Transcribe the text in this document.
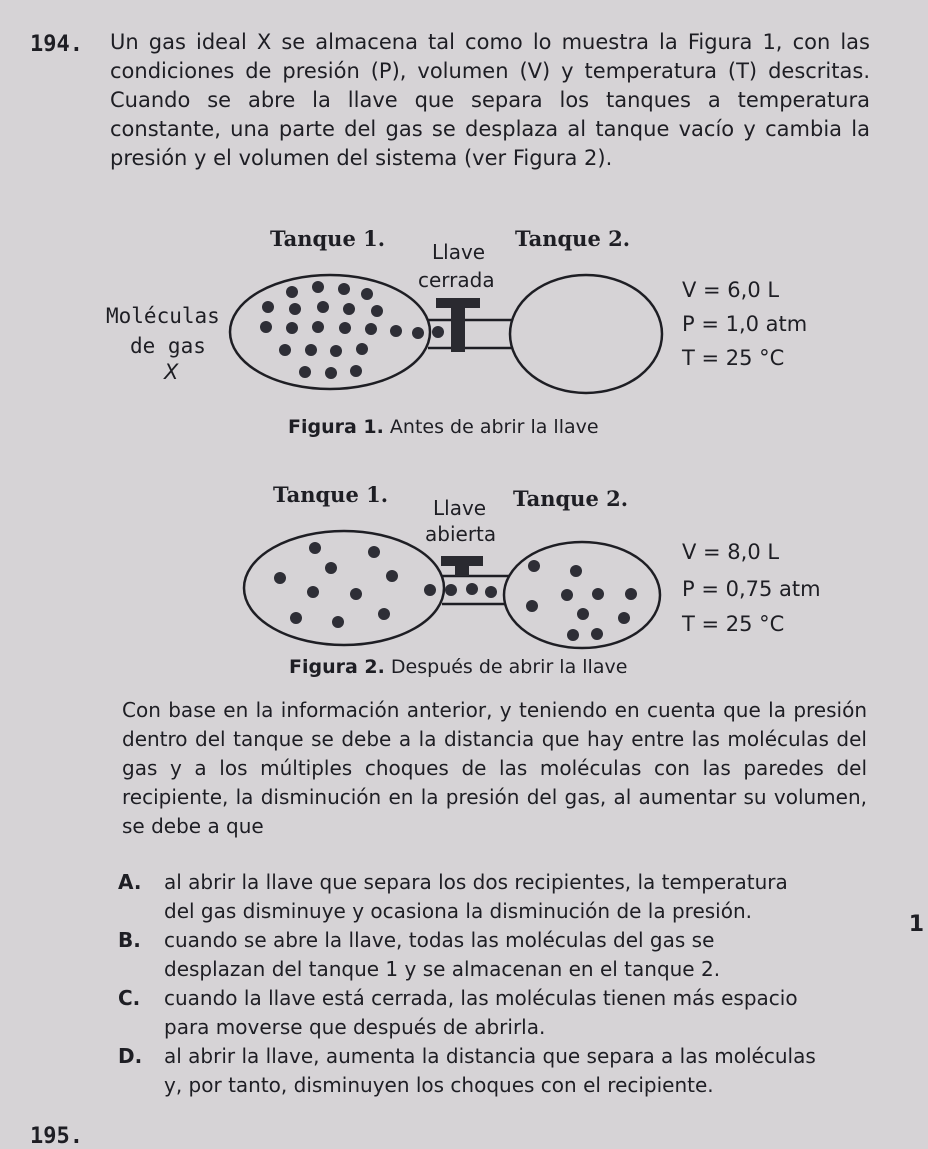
194. Un gas ideal X se almacena tal como lo muestra la Figura 1, con las condiciones de presión (P), volumen (V) y temperatura (T) descritas. Cuando se abre la llave que separa los tanques a temperatura constante, una parte del gas se desplaza al tanque vacío y cambia la presión y el volumen del sistema (ver Figura 2).
Tanque 1.	Tanque 2.
Llave
cerrada
Moléculas
de gas
X
V = 6,0 L
P = 1,0 atm
T = 25 °C
Figura 1. Antes de abrir la llave
Tanque 1.	Tanque 2.
Llave
abierta
V = 8,0 L
P = 0,75 atm
T = 25 °C
Figura 2. Después de abrir la llave
Con base en la información anterior, y teniendo en cuenta que la presión dentro del tanque se debe a la distancia que hay entre las moléculas del gas y a los múltiples choques de las moléculas con las paredes del recipiente, la disminución en la presión del gas, al aumentar su volumen, se debe a que
A. al abrir la llave que separa los dos recipientes, la temperatura
del gas disminuye y ocasiona la disminución de la presión.
B. cuando se abre la llave, todas las moléculas del gas se
desplazan del tanque 1 y se almacenan en el tanque 2.
C. cuando la llave está cerrada, las moléculas tienen más espacio
para moverse que después de abrirla.
D. al abrir la llave, aumenta la distancia que separa a las moléculas
y, por tanto, disminuyen los choques con el recipiente.
1
195.
